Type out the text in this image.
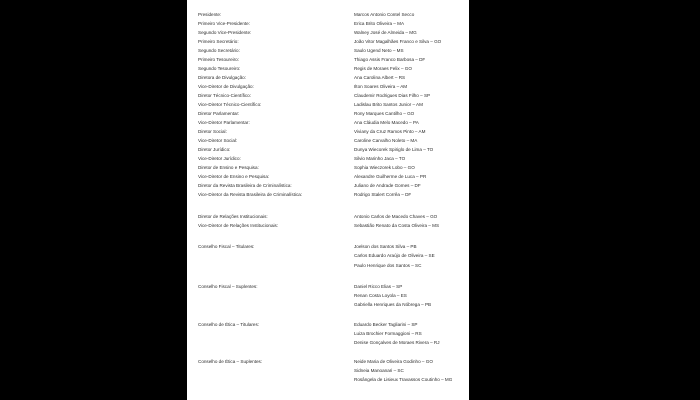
Presidente:	Marcos Antonio Contel Secco
Primeiro Vice-Presidente:	Erica Brito Oliveira – MA
Segundo Vice-Presidente:	Walney José de Almeida – MG
Primeiro Secretário:	João Vitor Magalhães Franco e Silva – GO
Segundo Secretário:	Saulo Ugend Neto – MS
Primeiro Tesoureiro:	Thiago Assis Franco Barbosa – DF
Segundo Tesoureiro:	Regis de Moraes Felix – GO
Diretora de Divulgação:	Ana Carolina Albert – RS
Vice-Diretor de Divulgação:	Ilton Soares Oliveira – AM
Diretor Técnico-Científico:	Claudemir Rodrigues Dias Filho – SP
Vice-Diretor Técnico-Científico:	Ladislau Brito Santos Junior – AM
Diretor Parlamentar:	Rony Marques Cantilho – GO
Vice-Diretor Parlamentar:	Ana Cláudia Melo Macedo – PA
Diretor Social:	Viviany da Cruz Ramos Pinto – AM
Vice-Diretor Social:	Caroline Carvalho Noleto – MA
Diretor Jurídico:	Dunya Wiecorek Spiriglo de Lima – TO
Vice-Diretor Jurídico:	Silvio Marinho Jaca – TO
Diretor de Ensino e Pesquisa:	Sophia Wieczorek Lobo – GO
Vice-Diretor de Ensino e Pesquisa:	Alexandre Guilherme de Luca – PR
Diretor da Revista Brasileira de Criminalística:	Juliano de Andrade Gomes – DF
Vice-Diretor da Revista Brasileira de Criminalística:	Rodrigo Stalert Corrêa – DF
Diretor de Relações Institucionais:	Antonio Carlos de Macedo Chaves – GO
Vice-Diretor de Relações Institucionais:	Sebastião Renato da Costa Oliveira – MS
Conselho Fiscal – Titulares:	Joelson dos Santos Silva – PB
Carlos Eduardo Araújo de Oliveira – SE
Paulo Henrique dos Santos – SC
Conselho Fiscal – Suplentes:	Daniel Ricco Elias – SP
Renan Costa Loyola – ES
Gabriella Henriques da Nóbrega – PB
Conselho de Ética – Titulares:	Eduardo Becker Tagliarini – SP
Luiza Brochier Formaggioni – RS
Denise Gonçalves de Moraes Rivera – RJ
Conselho de Ética – Suplentes:	Neide Maria de Oliveira Godinho – GO
Sidneia Manoanari – SC
Rosângela de Lisieux Travassos Coutinho – MG
